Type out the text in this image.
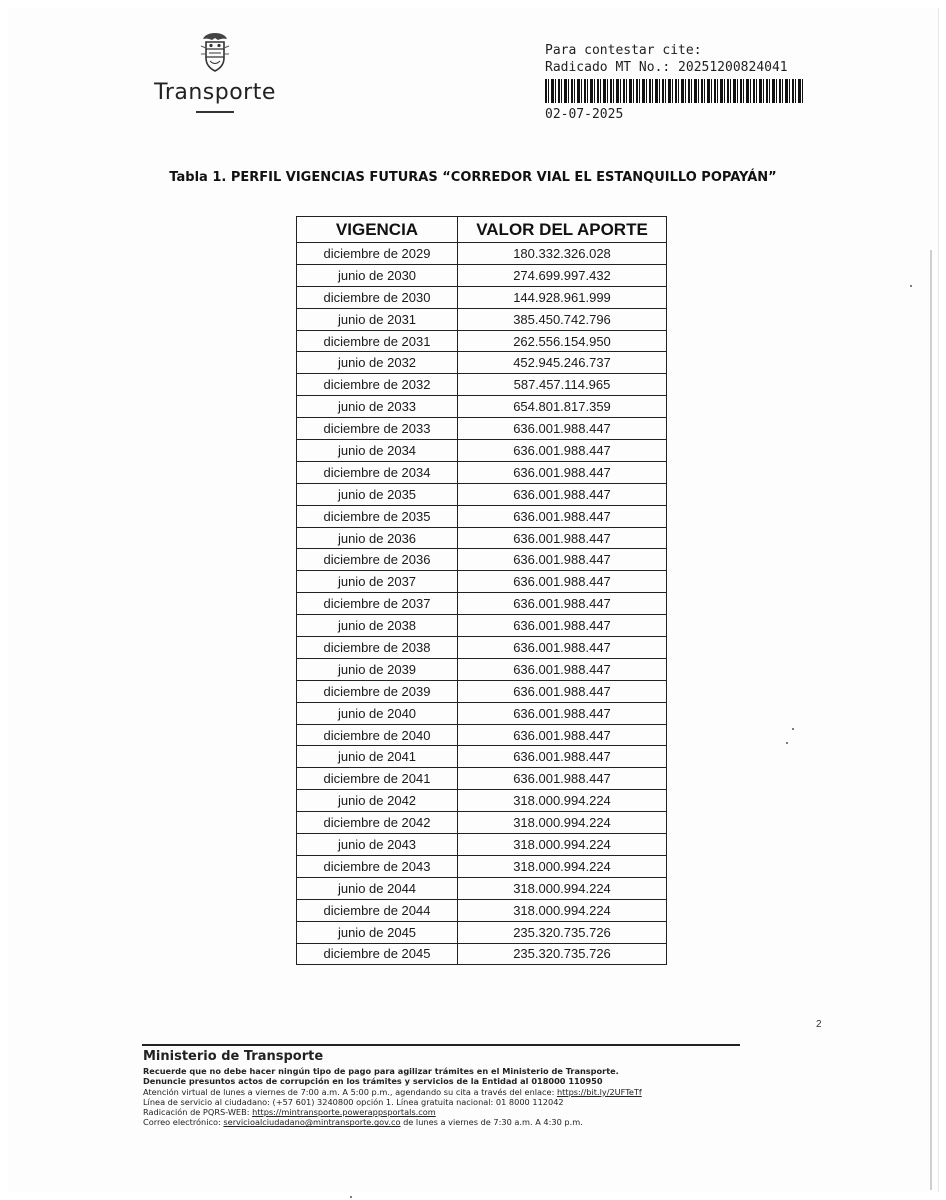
Transporte
Para contestar cite:
Radicado MT No.: 20251200824041
02-07-2025
Tabla 1. PERFIL VIGENCIAS FUTURAS “CORREDOR VIAL EL ESTANQUILLO POPAYÁN”
VIGENCIA	VALOR DEL APORTE
diciembre de 2029	180.332.326.028
junio de 2030	274.699.997.432
diciembre de 2030	144.928.961.999
junio de 2031	385.450.742.796
diciembre de 2031	262.556.154.950
junio de 2032	452.945.246.737
diciembre de 2032	587.457.114.965
junio de 2033	654.801.817.359
diciembre de 2033	636.001.988.447
junio de 2034	636.001.988.447
diciembre de 2034	636.001.988.447
junio de 2035	636.001.988.447
diciembre de 2035	636.001.988.447
junio de 2036	636.001.988.447
diciembre de 2036	636.001.988.447
junio de 2037	636.001.988.447
diciembre de 2037	636.001.988.447
junio de 2038	636.001.988.447
diciembre de 2038	636.001.988.447
junio de 2039	636.001.988.447
diciembre de 2039	636.001.988.447
junio de 2040	636.001.988.447
diciembre de 2040	636.001.988.447
junio de 2041	636.001.988.447
diciembre de 2041	636.001.988.447
junio de 2042	318.000.994.224
diciembre de 2042	318.000.994.224
junio de 2043	318.000.994.224
diciembre de 2043	318.000.994.224
junio de 2044	318.000.994.224
diciembre de 2044	318.000.994.224
junio de 2045	235.320.735.726
diciembre de 2045	235.320.735.726
2
Ministerio de Transporte
Recuerde que no debe hacer ningún tipo de pago para agilizar trámites en el Ministerio de Transporte.
Denuncie presuntos actos de corrupción en los trámites y servicios de la Entidad al 018000 110950
Atención virtual de lunes a viernes de 7:00 a.m. A 5:00 p.m., agendando su cita a través del enlace: https://bit.ly/2UFTeTf
Línea de servicio al ciudadano: (+57 601) 3240800 opción 1. Línea gratuita nacional: 01 8000 112042
Radicación de PQRS-WEB: https://mintransporte.powerappsportals.com
Correo electrónico: servicioalciudadano@mintransporte.gov.co de lunes a viernes de 7:30 a.m. A 4:30 p.m.
